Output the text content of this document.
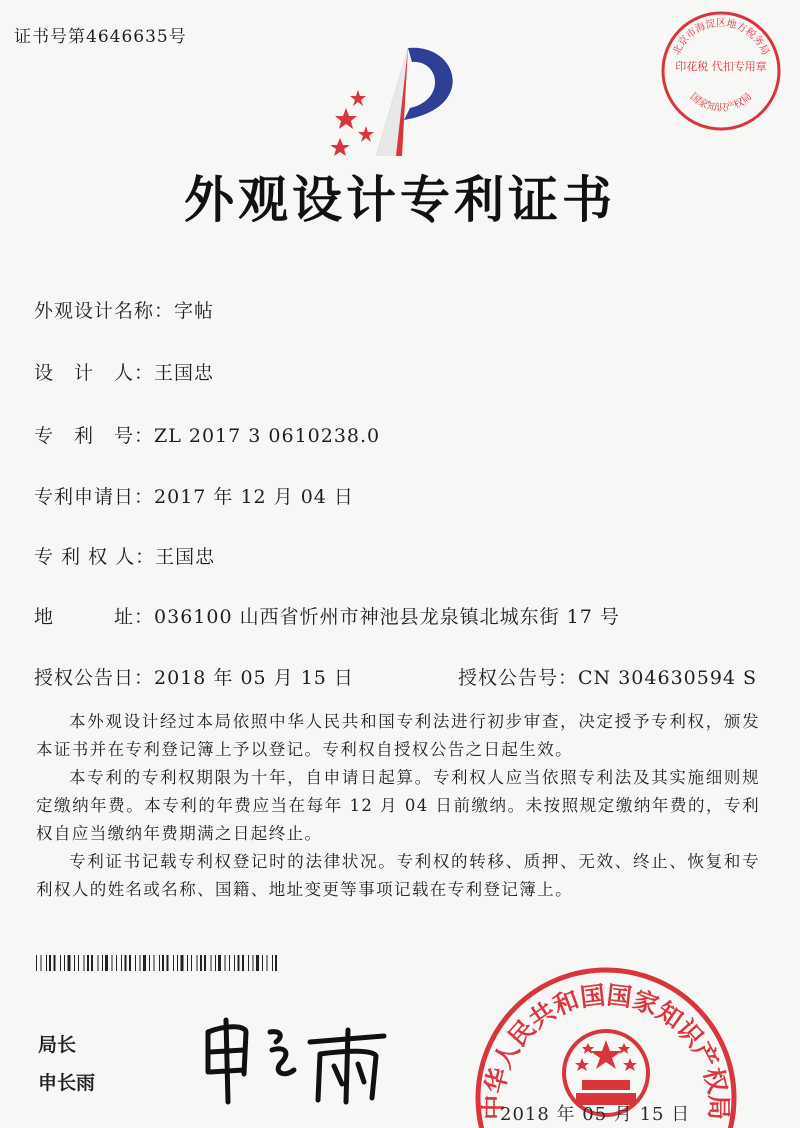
证书号第4646635号
外观设计专利证书
外观设计名称：字帖
设　计　人：王国忠
专　利　号：ZL 2017 3 0610238.0
专利申请日：2017 年 12 月 04 日
专 利 权 人：王国忠
地　　　址：036100 山西省忻州市神池县龙泉镇北城东街 17 号
授权公告日：2018 年 05 月 15 日	授权公告号：CN 304630594 S

本外观设计经过本局依照中华人民共和国专利法进行初步审查，决定授予专利权，颁发本证书并在专利登记簿上予以登记。专利权自授权公告之日起生效。

本专利的专利权期限为十年，自申请日起算。专利权人应当依照专利法及其实施细则规定缴纳年费。本专利的年费应当在每年 12 月 04 日前缴纳。未按照规定缴纳年费的，专利权自应当缴纳年费期满之日起终止。

专利证书记载专利权登记时的法律状况。专利权的转移、质押、无效、终止、恢复和专利权人的姓名或名称、国籍、地址变更等事项记载在专利登记簿上。

局长
申长雨
北京市海淀区地方税务局
印花税 代扣专用章
国家知识产权局
中华人民共和国国家知识产权局
2018 年 05 月 15 日
